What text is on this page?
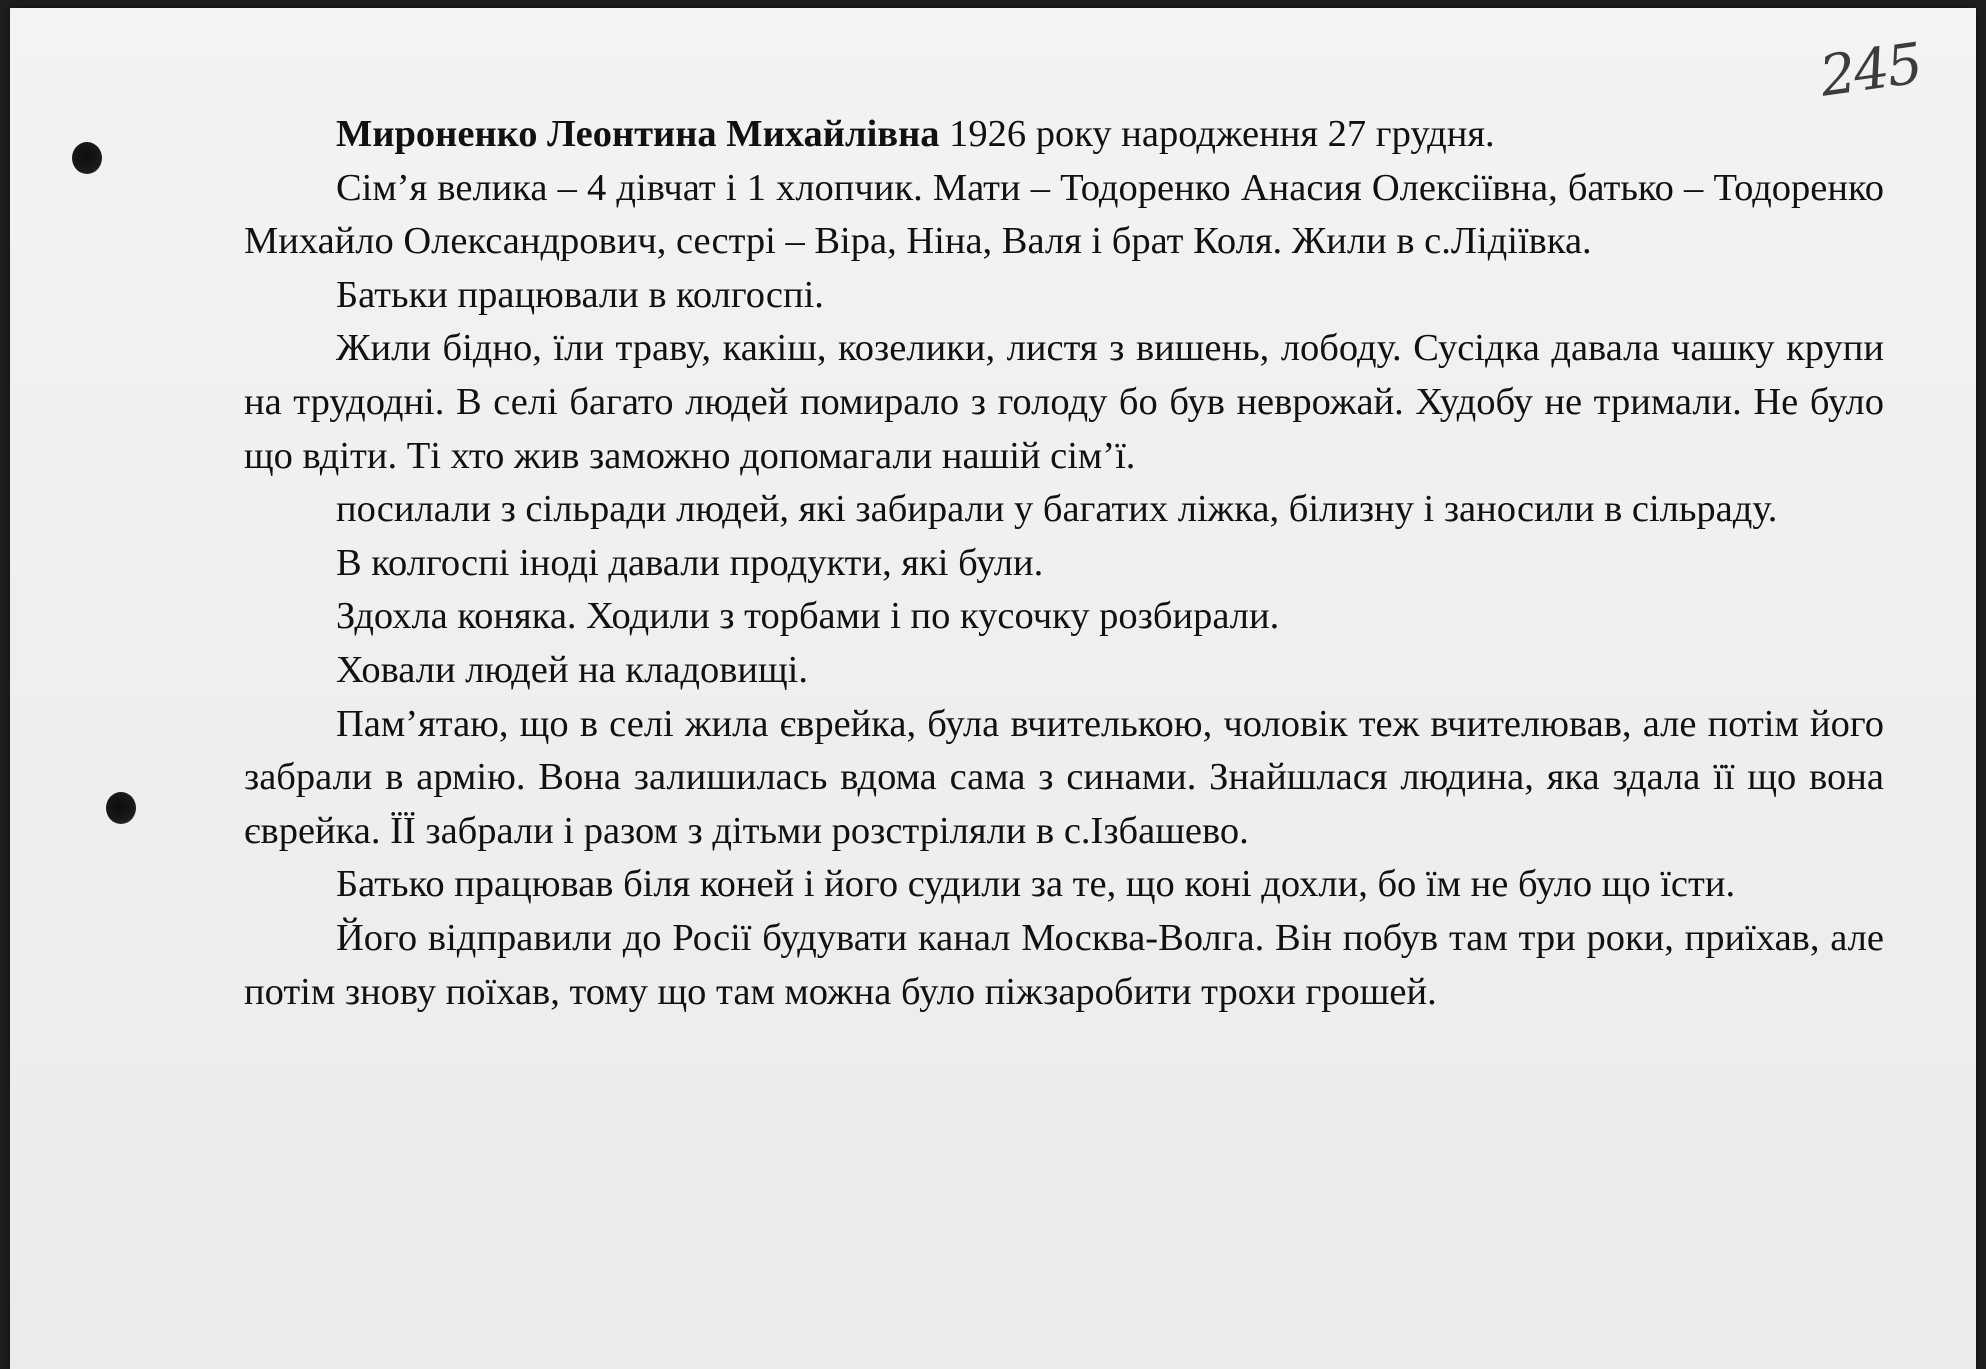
245

Мироненко Леонтина Михайлівна 1926 року народження 27 грудня.

Сім’я велика – 4 дівчат і 1 хлопчик. Мати – Тодоренко Анасия Олексіївна, батько – Тодоренко Михайло Олександрович, сестрі – Віра, Ніна, Валя і брат Коля. Жили в с.Лідіївка.

Батьки працювали в колгоспі.

Жили бідно, їли траву, какіш, козелики, листя з вишень, лободу. Сусідка давала чашку крупи на трудодні. В селі багато людей помирало з голоду бо був неврожай. Худобу не тримали. Не було що вдіти. Ті хто жив заможно допомагали нашій сім’ї.

посилали з сільради людей, які забирали у багатих ліжка, білизну і заносили в сільраду.

В колгоспі іноді давали продукти, які були.

Здохла коняка. Ходили з торбами і по кусочку розбирали.

Ховали людей на кладовищі.

Пам’ятаю, що в селі жила єврейка, була вчителькою, чоловік теж вчителював, але потім його забрали в армію. Вона залишилась вдома сама з синами. Знайшлася людина, яка здала її що вона єврейка. ЇЇ забрали і разом з дітьми розстріляли в с.Ізбашево.

Батько працював біля коней і його судили за те, що коні дохли, бо їм не було що їсти.

Його відправили до Росії будувати канал Москва-Волга. Він побув там три роки, приїхав, але потім знову поїхав, тому що там можна було піжзаробити трохи грошей.
